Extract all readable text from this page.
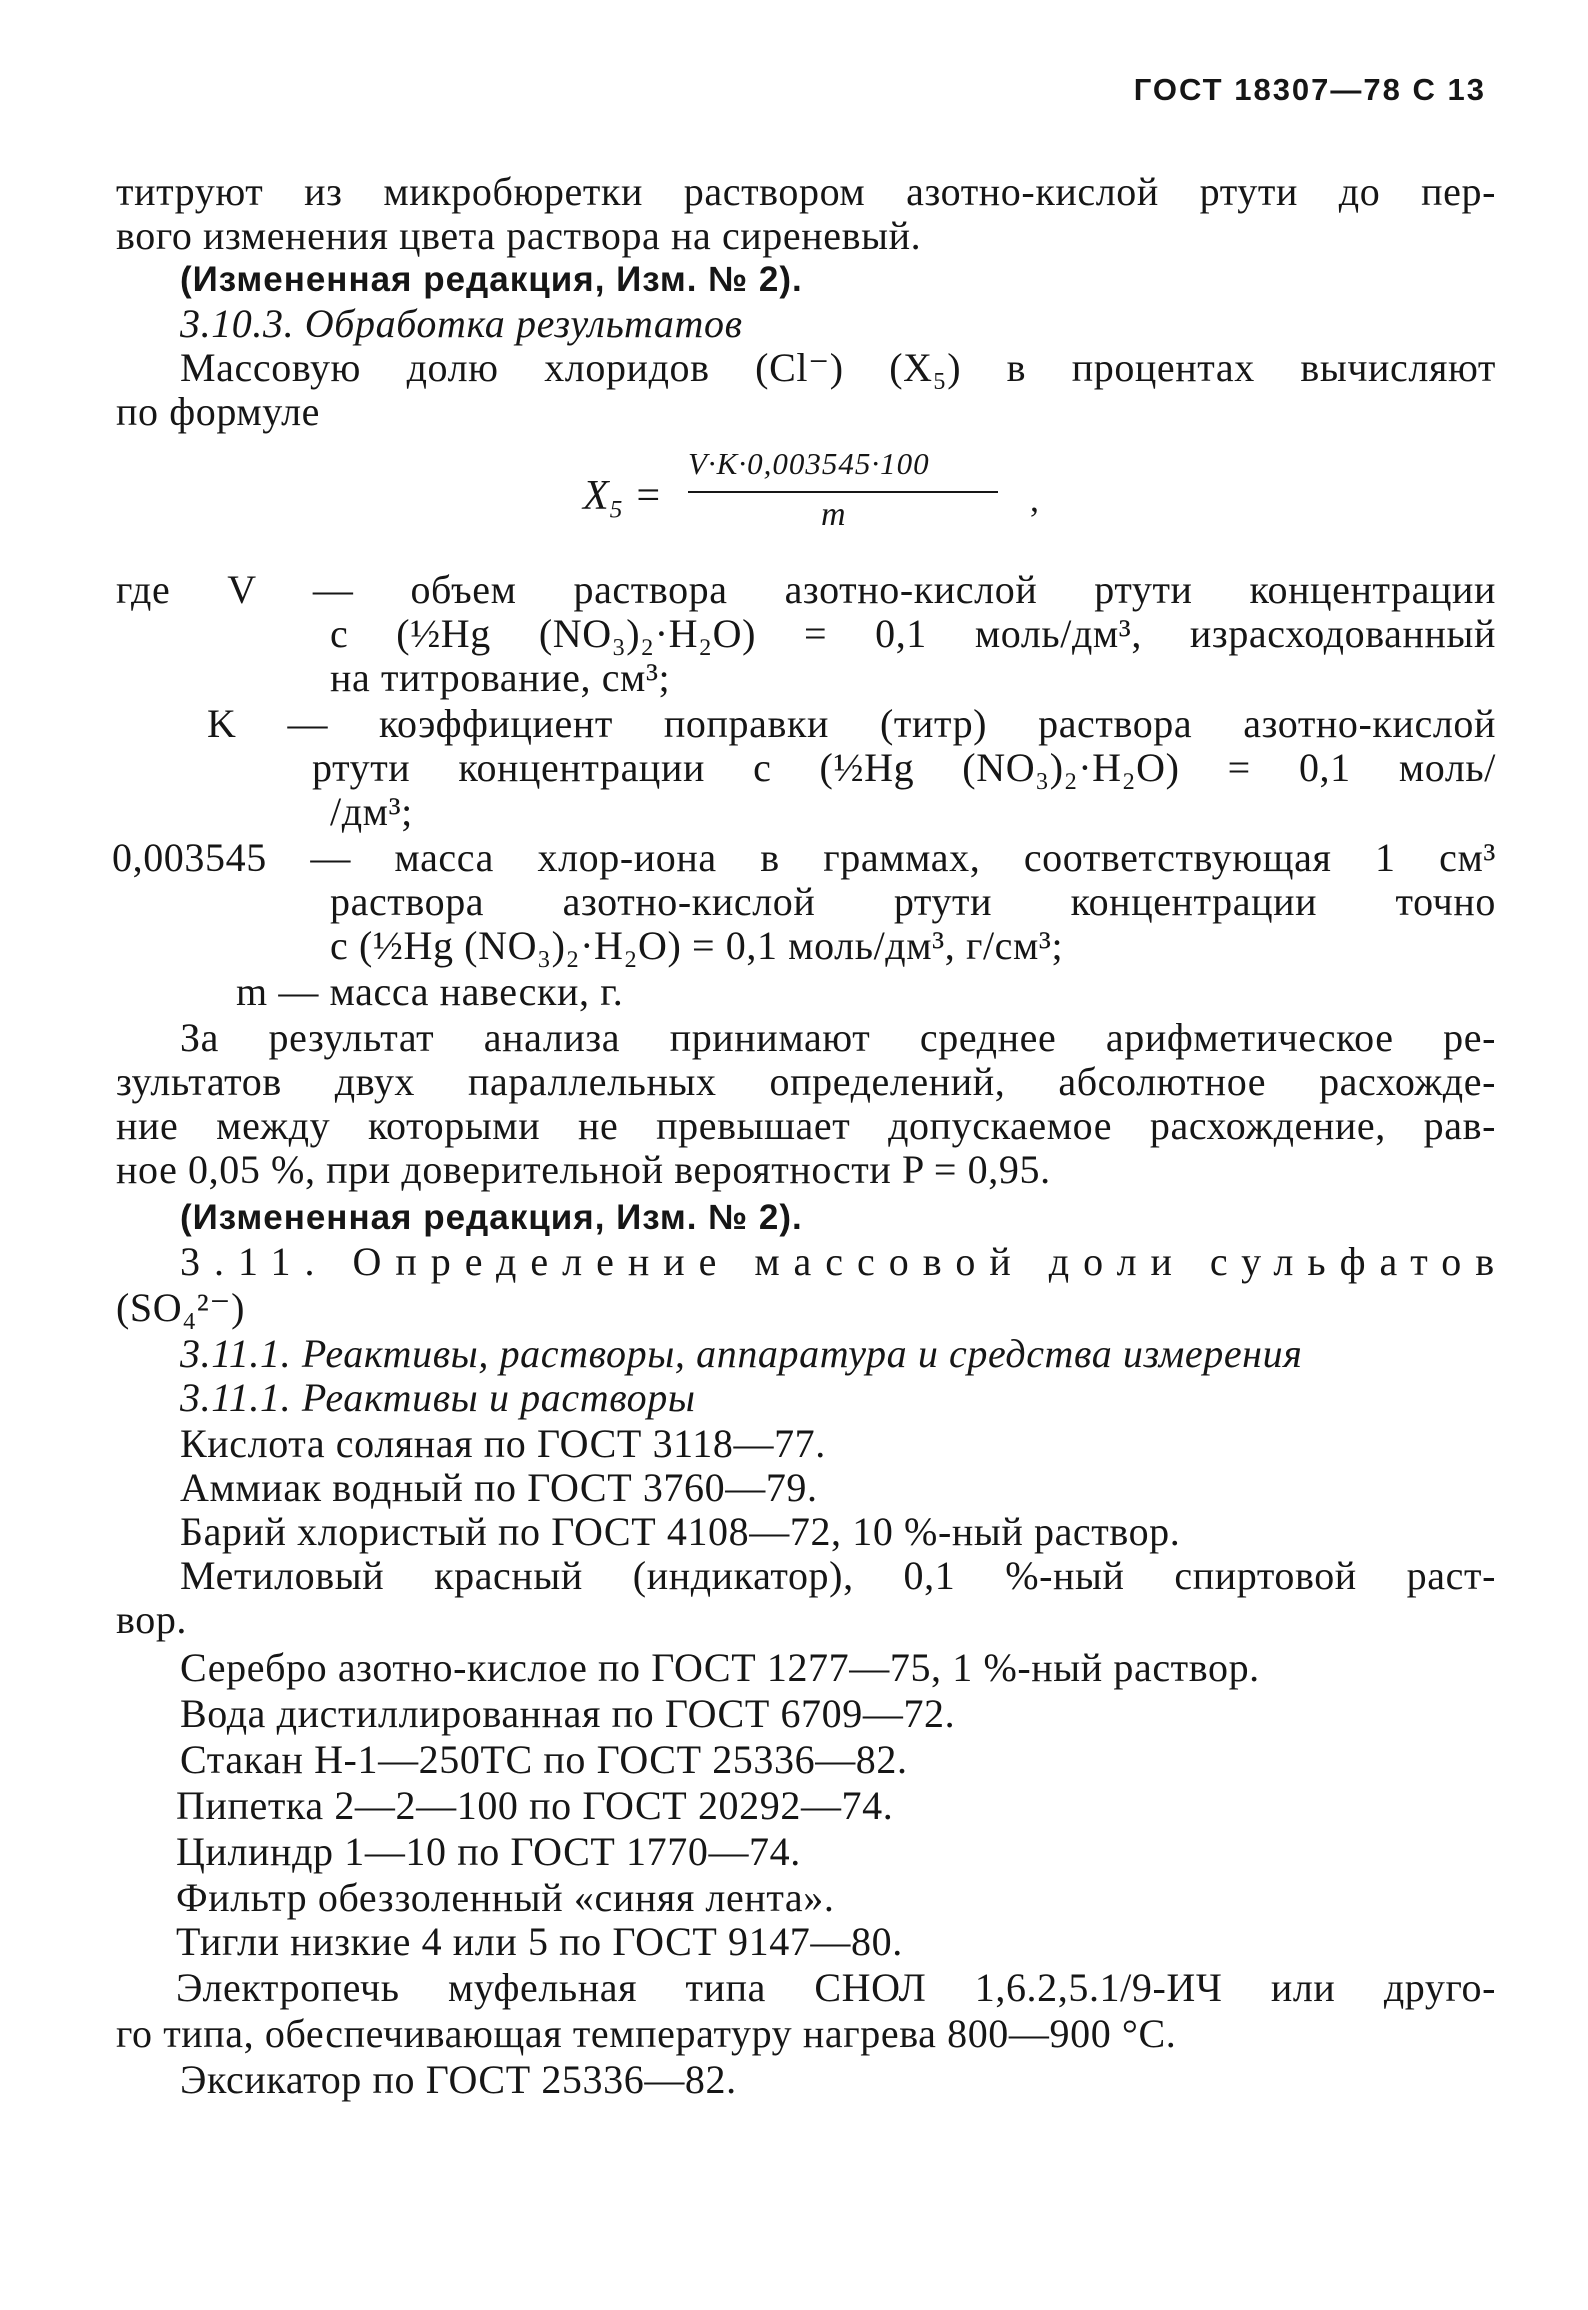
ГОСТ 18307—78 С 13
титруют из микробюретки раствором азотно-кислой ртути до пер-
вого изменения цвета раствора на сиреневый.
(Измененная редакция, Изм. № 2).
3.10.3. Обработка результатов
Массовую долю хлоридов (Cl⁻) (X₅) в процентах вычисляют
по формуле
X₅ =
V·K·0,003545·100
m	,
где V — объем раствора азотно-кислой ртути концентрации
c (½Hg (NO₃)₂·H₂O) = 0,1 моль/дм³, израсходованный
на титрование, см³;
K — коэффициент поправки (титр) раствора азотно-кислой
ртути концентрации c (½Hg (NO₃)₂·H₂O) = 0,1 моль/
/дм³;
0,003545 — масса хлор-иона в граммах, соответствующая 1 см³
раствора азотно-кислой ртути концентрации точно
c (½Hg (NO₃)₂·H₂O) = 0,1 моль/дм³, г/см³;
m — масса навески, г.
За результат анализа принимают среднее арифметическое ре-
зультатов двух параллельных определений, абсолютное расхожде-
ние между которыми не превышает допускаемое расхождение, рав-
ное 0,05 %, при доверительной вероятности P = 0,95.
(Измененная редакция, Изм. № 2).
3.11. Определение массовой доли сульфатов
(SO₄²⁻)
3.11.1. Реактивы, растворы, аппаратура и средства измерения
3.11.1. Реактивы и растворы
Кислота соляная по ГОСТ 3118—77.
Аммиак водный по ГОСТ 3760—79.
Барий хлористый по ГОСТ 4108—72, 10 %-ный раствор.
Метиловый красный (индикатор), 0,1 %-ный спиртовой раст-
вор.
Серебро азотно-кислое по ГОСТ 1277—75, 1 %-ный раствор.
Вода дистиллированная по ГОСТ 6709—72.
Стакан Н-1—250ТС по ГОСТ 25336—82.
Пипетка 2—2—100 по ГОСТ 20292—74.
Цилиндр 1—10 по ГОСТ 1770—74.
Фильтр обеззоленный «синяя лента».
Тигли низкие 4 или 5 по ГОСТ 9147—80.
Электропечь муфельная типа СНОЛ 1,6.2,5.1/9-ИЧ или друго-
го типа, обеспечивающая температуру нагрева 800—900 °С.
Эксикатор по ГОСТ 25336—82.
